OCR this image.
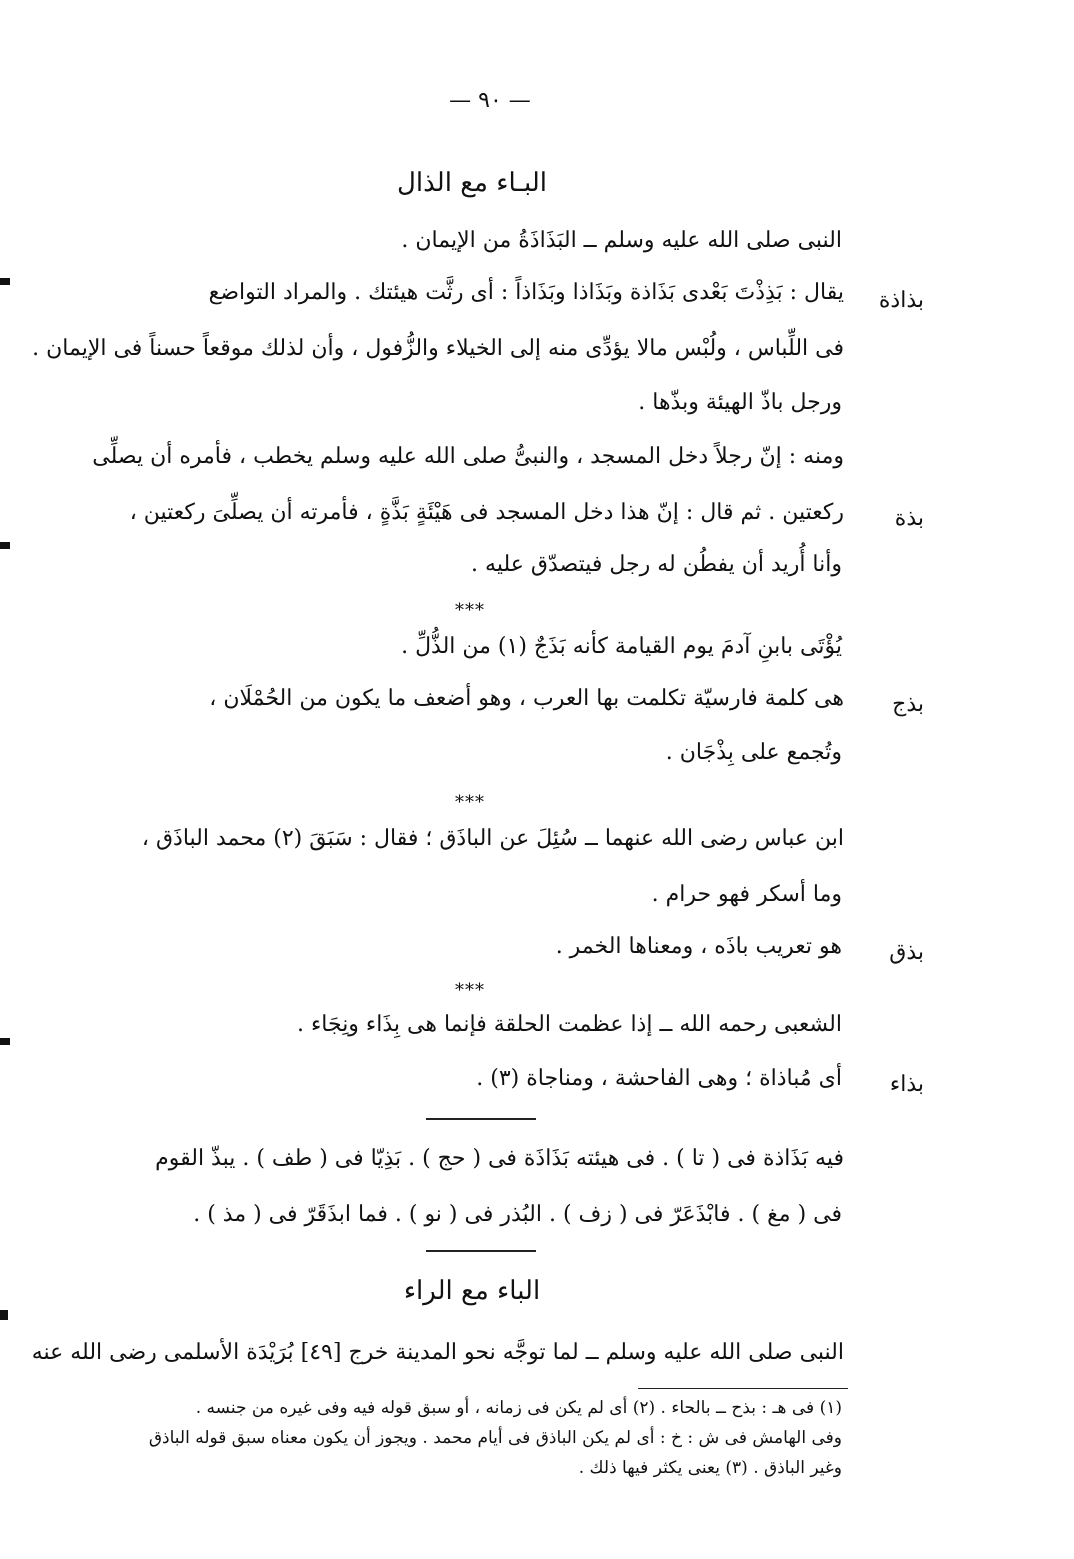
— ٩٠ —
البـاء مع الذال
النبى صلى الله عليه وسلم ــ البَذَاذَةُ من الإيمان .
بذاذة
يقال : بَذِذْتَ بَعْدى بَذَاذة وبَذَاذا وبَذَاذاً : أى رثَّت هيئتك . والمراد التواضع
فى اللِّباس ، ولُبْس مالا يؤدِّى منه إلى الخيلاء والزُّفول ، وأن لذلك موقعاً حسناً فى الإيمان .
ورجل باذّ الهيئة وبذّها .
ومنه : إنّ رجلاً دخل المسجد ، والنبىُّ صلى الله عليه وسلم يخطب ، فأمره أن يصلِّى
بذة
ركعتين . ثم قال : إنّ هذا دخل المسجد فى هَيْئَةٍ بَذَّةٍ ، فأمرته أن يصلِّىَ ركعتين ،
وأنا أُريد أن يفطُن له رجل فيتصدّق عليه .
***
يُؤْتَى بابنِ آدمَ يوم القيامة كأنه بَذَجٌ (١) من الذُّلِّ .
بذج
هى كلمة فارسيّة تكلمت بها العرب ، وهو أضعف ما يكون من الحُمْلَان ،
وتُجمع على بِذْجَان .
***
ابن عباس رضى الله عنهما ــ سُئِلَ عن الباذَق ؛ فقال : سَبَقَ (٢) محمد الباذَق ،
وما أسكر فهو حرام .
بذق
هو تعريب باذَه ، ومعناها الخمر .
***
الشعبى رحمه الله ــ إذا عظمت الحلقة فإنما هى بِذَاء ونِجَاء .
بذاء
أى مُباذاة ؛ وهى الفاحشة ، ومناجاة (٣) .
فيه بَذَاذة فى ( تا ) . فى هيئته بَذَاذَة فى ( حج ) . بَذِيّا فى ( طف ) . يبذّ القوم
فى ( مغ ) . فابْذَعَرّ فى ( زف ) . البُذر فى ( نو ) . فما ابذَقَرّ فى ( مذ ) .
الباء مع الراء
النبى صلى الله عليه وسلم ــ لما توجَّه نحو المدينة خرج [٤٩] بُرَيْدَة الأسلمى رضى الله عنه
(١) فى هـ : بذح ــ بالحاء . (٢) أى لم يكن فى زمانه ، أو سبق قوله فيه وفى غيره من جنسه .
وفى الهامش فى ش : خ : أى لم يكن الباذق فى أيام محمد . ويجوز أن يكون معناه سبق قوله الباذق
وغير الباذق . (٣) يعنى يكثر فيها ذلك .
